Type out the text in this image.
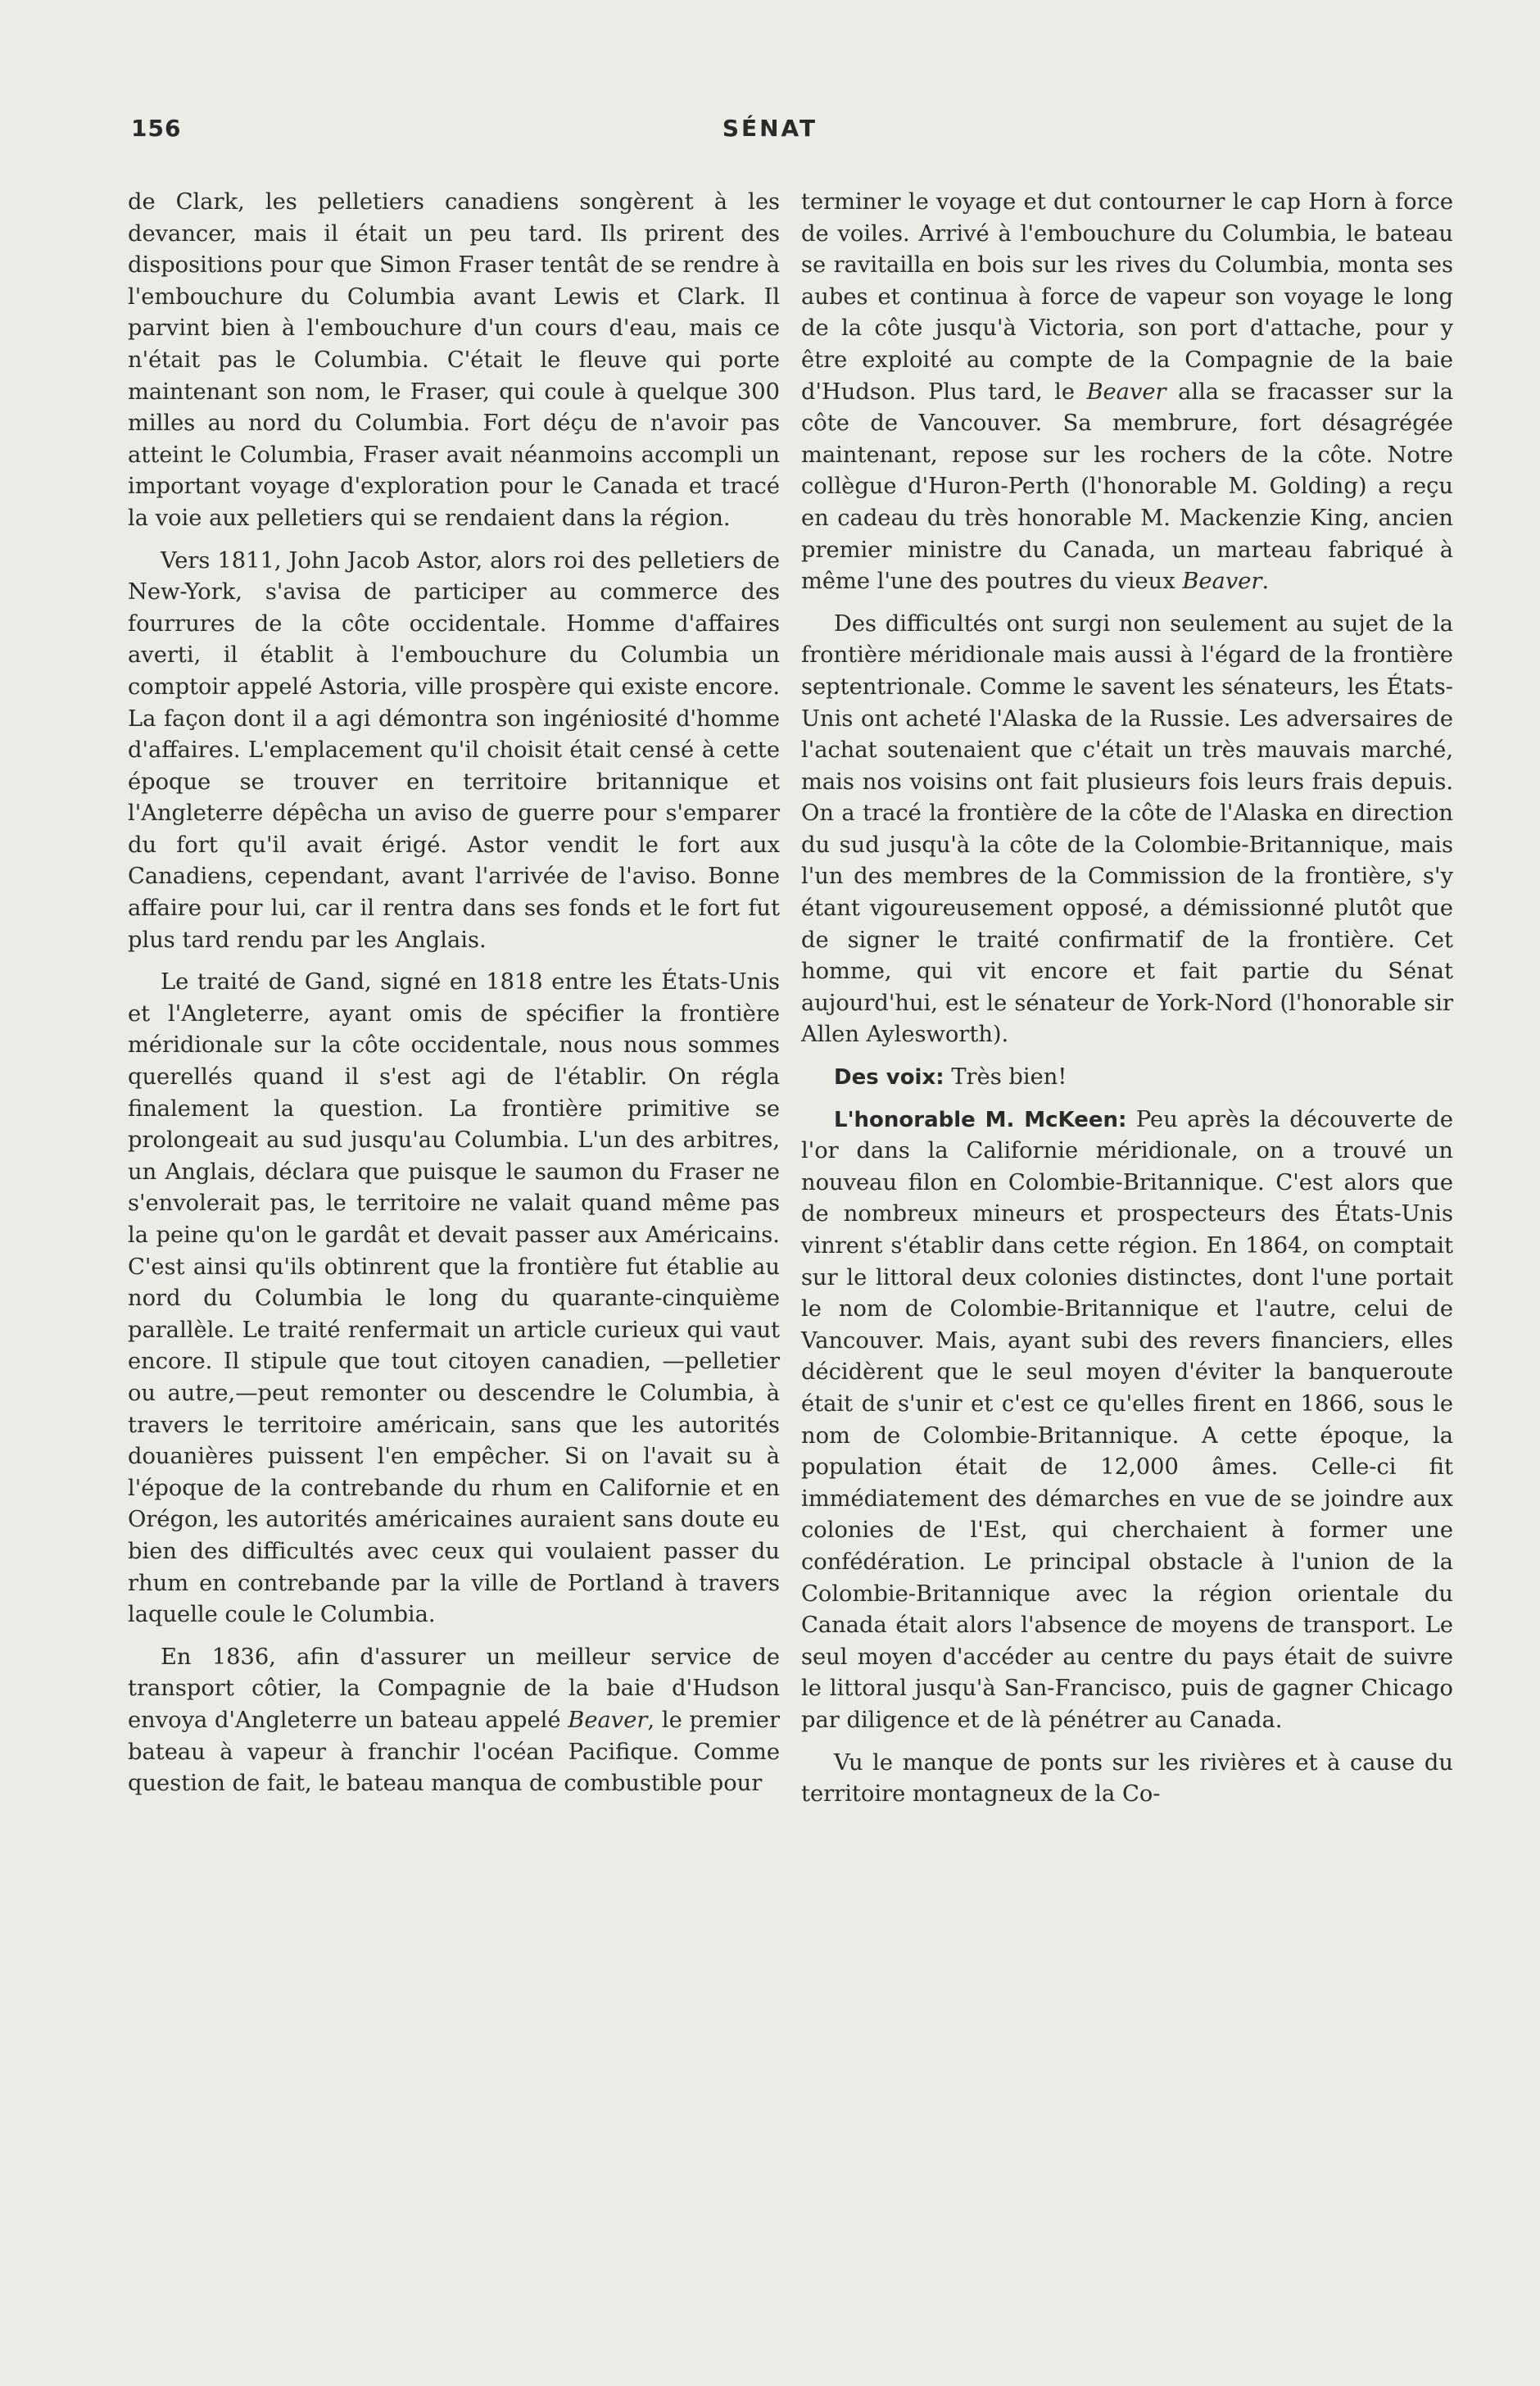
156	SÉNAT

de Clark, les pelletiers canadiens songèrent à les devancer, mais il était un peu tard. Ils prirent des dispositions pour que Simon Fraser tentât de se rendre à l'embouchure du Columbia avant Lewis et Clark. Il parvint bien à l'embouchure d'un cours d'eau, mais ce n'était pas le Columbia. C'était le fleuve qui porte maintenant son nom, le Fraser, qui coule à quelque 300 milles au nord du Columbia. Fort déçu de n'avoir pas atteint le Columbia, Fraser avait néanmoins accompli un important voyage d'exploration pour le Canada et tracé la voie aux pelletiers qui se rendaient dans la région.

Vers 1811, John Jacob Astor, alors roi des pelletiers de New-York, s'avisa de participer au commerce des fourrures de la côte occidentale. Homme d'affaires averti, il établit à l'embouchure du Columbia un comptoir appelé Astoria, ville prospère qui existe encore. La façon dont il a agi démontra son ingéniosité d'homme d'affaires. L'emplacement qu'il choisit était censé à cette époque se trouver en territoire britannique et l'Angleterre dépêcha un aviso de guerre pour s'emparer du fort qu'il avait érigé. Astor vendit le fort aux Canadiens, cependant, avant l'arrivée de l'aviso. Bonne affaire pour lui, car il rentra dans ses fonds et le fort fut plus tard rendu par les Anglais.

Le traité de Gand, signé en 1818 entre les États-Unis et l'Angleterre, ayant omis de spécifier la frontière méridionale sur la côte occidentale, nous nous sommes querellés quand il s'est agi de l'établir. On régla finalement la question. La frontière primitive se prolongeait au sud jusqu'au Columbia. L'un des arbitres, un Anglais, déclara que puisque le saumon du Fraser ne s'envolerait pas, le territoire ne valait quand même pas la peine qu'on le gardât et devait passer aux Américains. C'est ainsi qu'ils obtinrent que la frontière fut établie au nord du Columbia le long du quarante-cinquième parallèle. Le traité renfermait un article curieux qui vaut encore. Il stipule que tout citoyen canadien, —pelletier ou autre,—peut remonter ou descendre le Columbia, à travers le territoire américain, sans que les autorités douanières puissent l'en empêcher. Si on l'avait su à l'époque de la contrebande du rhum en Californie et en Orégon, les autorités américaines auraient sans doute eu bien des difficultés avec ceux qui voulaient passer du rhum en contrebande par la ville de Portland à travers laquelle coule le Columbia.

En 1836, afin d'assurer un meilleur service de transport côtier, la Compagnie de la baie d'Hudson envoya d'Angleterre un bateau appelé Beaver, le premier bateau à vapeur à franchir l'océan Pacifique. Comme question de fait, le bateau manqua de combustible pour

terminer le voyage et dut contourner le cap Horn à force de voiles. Arrivé à l'embouchure du Columbia, le bateau se ravitailla en bois sur les rives du Columbia, monta ses aubes et continua à force de vapeur son voyage le long de la côte jusqu'à Victoria, son port d'attache, pour y être exploité au compte de la Compagnie de la baie d'Hudson. Plus tard, le Beaver alla se fracasser sur la côte de Vancouver. Sa membrure, fort désagrégée maintenant, repose sur les rochers de la côte. Notre collègue d'Huron-Perth (l'honorable M. Golding) a reçu en cadeau du très honorable M. Mackenzie King, ancien premier ministre du Canada, un marteau fabriqué à même l'une des poutres du vieux Beaver.

Des difficultés ont surgi non seulement au sujet de la frontière méridionale mais aussi à l'égard de la frontière septentrionale. Comme le savent les sénateurs, les États-Unis ont acheté l'Alaska de la Russie. Les adversaires de l'achat soutenaient que c'était un très mauvais marché, mais nos voisins ont fait plusieurs fois leurs frais depuis. On a tracé la frontière de la côte de l'Alaska en direction du sud jusqu'à la côte de la Colombie-Britannique, mais l'un des membres de la Commission de la frontière, s'y étant vigoureusement opposé, a démissionné plutôt que de signer le traité confirmatif de la frontière. Cet homme, qui vit encore et fait partie du Sénat aujourd'hui, est le sénateur de York-Nord (l'honorable sir Allen Aylesworth).

Des voix: Très bien!

L'honorable M. McKeen: Peu après la découverte de l'or dans la Californie méridionale, on a trouvé un nouveau filon en Colombie-Britannique. C'est alors que de nombreux mineurs et prospecteurs des États-Unis vinrent s'établir dans cette région. En 1864, on comptait sur le littoral deux colonies distinctes, dont l'une portait le nom de Colombie-Britannique et l'autre, celui de Vancouver. Mais, ayant subi des revers financiers, elles décidèrent que le seul moyen d'éviter la banqueroute était de s'unir et c'est ce qu'elles firent en 1866, sous le nom de Colombie-Britannique. A cette époque, la population était de 12,000 âmes. Celle-ci fit immédiatement des démarches en vue de se joindre aux colonies de l'Est, qui cherchaient à former une confédération. Le principal obstacle à l'union de la Colombie-Britannique avec la région orientale du Canada était alors l'absence de moyens de transport. Le seul moyen d'accéder au centre du pays était de suivre le littoral jusqu'à San-Francisco, puis de gagner Chicago par diligence et de là pénétrer au Canada.

Vu le manque de ponts sur les rivières et à cause du territoire montagneux de la Co-
